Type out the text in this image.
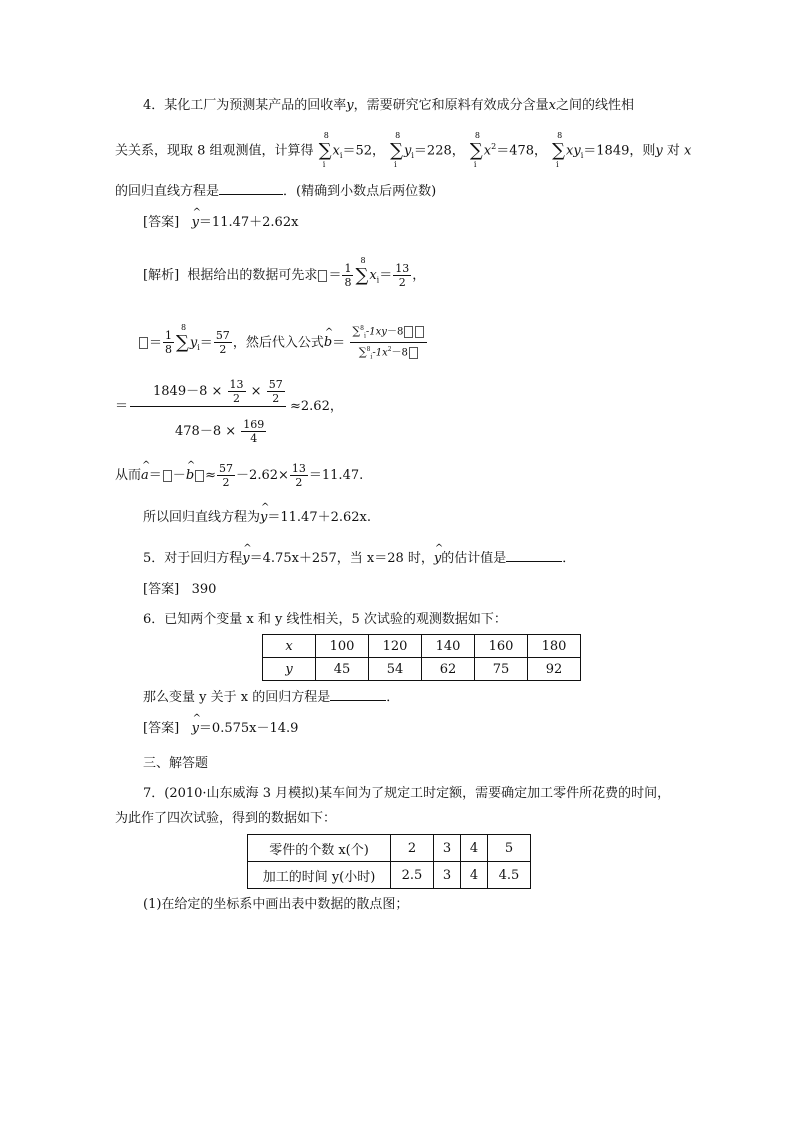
4．某化工厂为预测某产品的回收率y，需要研究它和原料有效成分含量x之间的线性相
关关系，现取 8 组观测值，计算得 ∑
8
i
$x_i=52$， ∑
8
i
$y_i=228$， ∑
8
i
$x^2=478$， ∑
8
i
$xy_i=1849$，则y 对 x
的回归直线方程是	．(精确到小数点后两位数)
[答案] ^ y＝11.47＋2.62x
[解析] 根据给出的数据可先求 ＝ $\frac{1}{8}$ ∑
8
$x_i= \frac{13}{2}$ ，
＝ $\frac{1}{8}$ ∑
8
$y_i= \frac{57}{2}$ ，然后代入公式^ $b= \frac{\sum^8_i-1xy-8}{\sum^8_i-1x^2-8}$
＝
$1849-8 \times \frac{13}{2} \times \frac{57}{2}$
≈2.62，
$478-8 \times \frac{169}{4}$
从而^ a＝ －^ $b \approx \frac{57}{2} -2.62\times \frac{13}{2} =11.47$.
所以回归直线方程为^ y＝11.47＋2.62x.
5．对于回归方程^ y＝4.75x＋257，当 x＝28 时，^ y的估计值是	．
[答案] 390
6．已知两个变量 x 和 y 线性相关，5 次试验的观测数据如下：
x	100	120	140	160	180
y	45	54	62	75	92
那么变量 y 关于 x 的回归方程是	．
[答案] ^ y＝0.575x－14.9
三、解答题
7．(2010·山东威海 3 月模拟)某车间为了规定工时定额，需要确定加工零件所花费的时间，
为此作了四次试验，得到的数据如下：
零件的个数 x(个)	2	3	4	5
加工的时间 y(小时)	2.5	3	4	4.5
(1)在给定的坐标系中画出表中数据的散点图；
